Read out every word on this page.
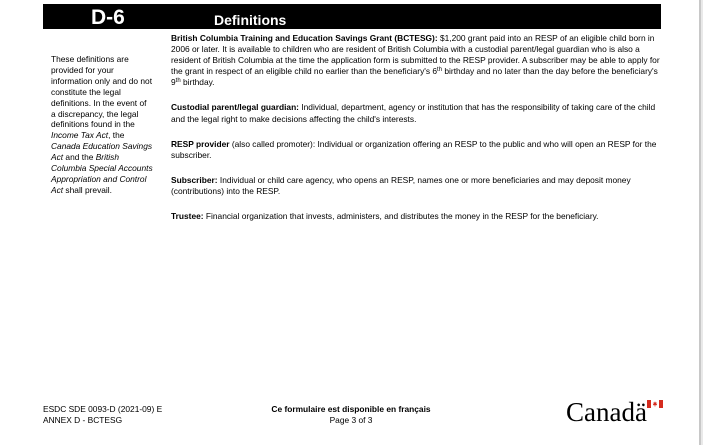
D-6	Definitions
These definitions are provided for your information only and do not constitute the legal definitions. In the event of a discrepancy, the legal definitions found in the Income Tax Act, the Canada Education Savings Act and the British Columbia Special Accounts Appropriation and Control Act shall prevail.

British Columbia Training and Education Savings Grant (BCTESG): $1,200 grant paid into an RESP of an eligible child born in 2006 or later. It is available to children who are resident of British Columbia with a custodial parent/legal guardian who is also a resident of British Columbia at the time the application form is submitted to the RESP provider. A subscriber may be able to apply for the grant in respect of an eligible child no earlier than the beneficiary's 6th birthday and no later than the day before the beneficiary's 9th birthday.

Custodial parent/legal guardian: Individual, department, agency or institution that has the responsibility of taking care of the child and the legal right to make decisions affecting the child's interests.

RESP provider (also called promoter): Individual or organization offering an RESP to the public and who will open an RESP for the subscriber.

Subscriber: Individual or child care agency, who opens an RESP, names one or more beneficiaries and may deposit money (contributions) into the RESP.

Trustee: Financial organization that invests, administers, and distributes the money in the RESP for the beneficiary.

ESDC SDE 0093-D (2021-09) E
ANNEX D - BCTESG
Ce formulaire est disponible en français
Page 3 of 3	Canadä
